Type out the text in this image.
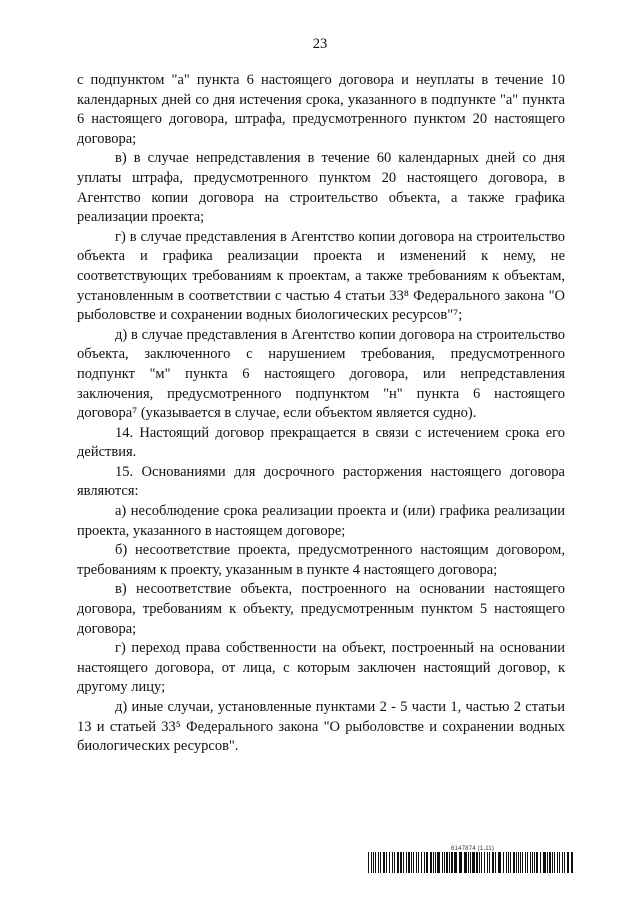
23

с подпунктом "а" пункта 6 настоящего договора и неуплаты в течение 10 календарных дней со дня истечения срока, указанного в подпункте "а" пункта 6 настоящего договора, штрафа, предусмотренного пунктом 20 настоящего договора;

в) в случае непредставления в течение 60 календарных дней со дня уплаты штрафа, предусмотренного пунктом 20 настоящего договора, в Агентство копии договора на строительство объекта, а также графика реализации проекта;

г) в случае представления в Агентство копии договора на строительство объекта и графика реализации проекта и изменений к нему, не соответствующих требованиям к проектам, а также требованиям к объектам, установленным в соответствии с частью 4 статьи 33⁸ Федерального закона "О рыболовстве и сохранении водных биологических ресурсов"⁷;

д) в случае представления в Агентство копии договора на строительство объекта, заключенного с нарушением требования, предусмотренного подпункт "м" пункта 6 настоящего договора, или непредставления заключения, предусмотренного подпунктом "н" пункта 6 настоящего договора⁷ (указывается в случае, если объектом является судно).

14. Настоящий договор прекращается в связи с истечением срока его действия.

15. Основаниями для досрочного расторжения настоящего договора являются:

а) несоблюдение срока реализации проекта и (или) графика реализации проекта, указанного в настоящем договоре;

б) несоответствие проекта, предусмотренного настоящим договором, требованиям к проекту, указанным в пункте 4 настоящего договора;

в) несоответствие объекта, построенного на основании настоящего договора, требованиям к объекту, предусмотренным пунктом 5 настоящего договора;

г) переход права собственности на объект, построенный на основании настоящего договора, от лица, с которым заключен настоящий договор, к другому лицу;

д) иные случаи, установленные пунктами 2 - 5 части 1, частью 2 статьи 13 и статьей 33⁵ Федерального закона "О рыболовстве и сохранении водных биологических ресурсов".

6147874 (1.11)
